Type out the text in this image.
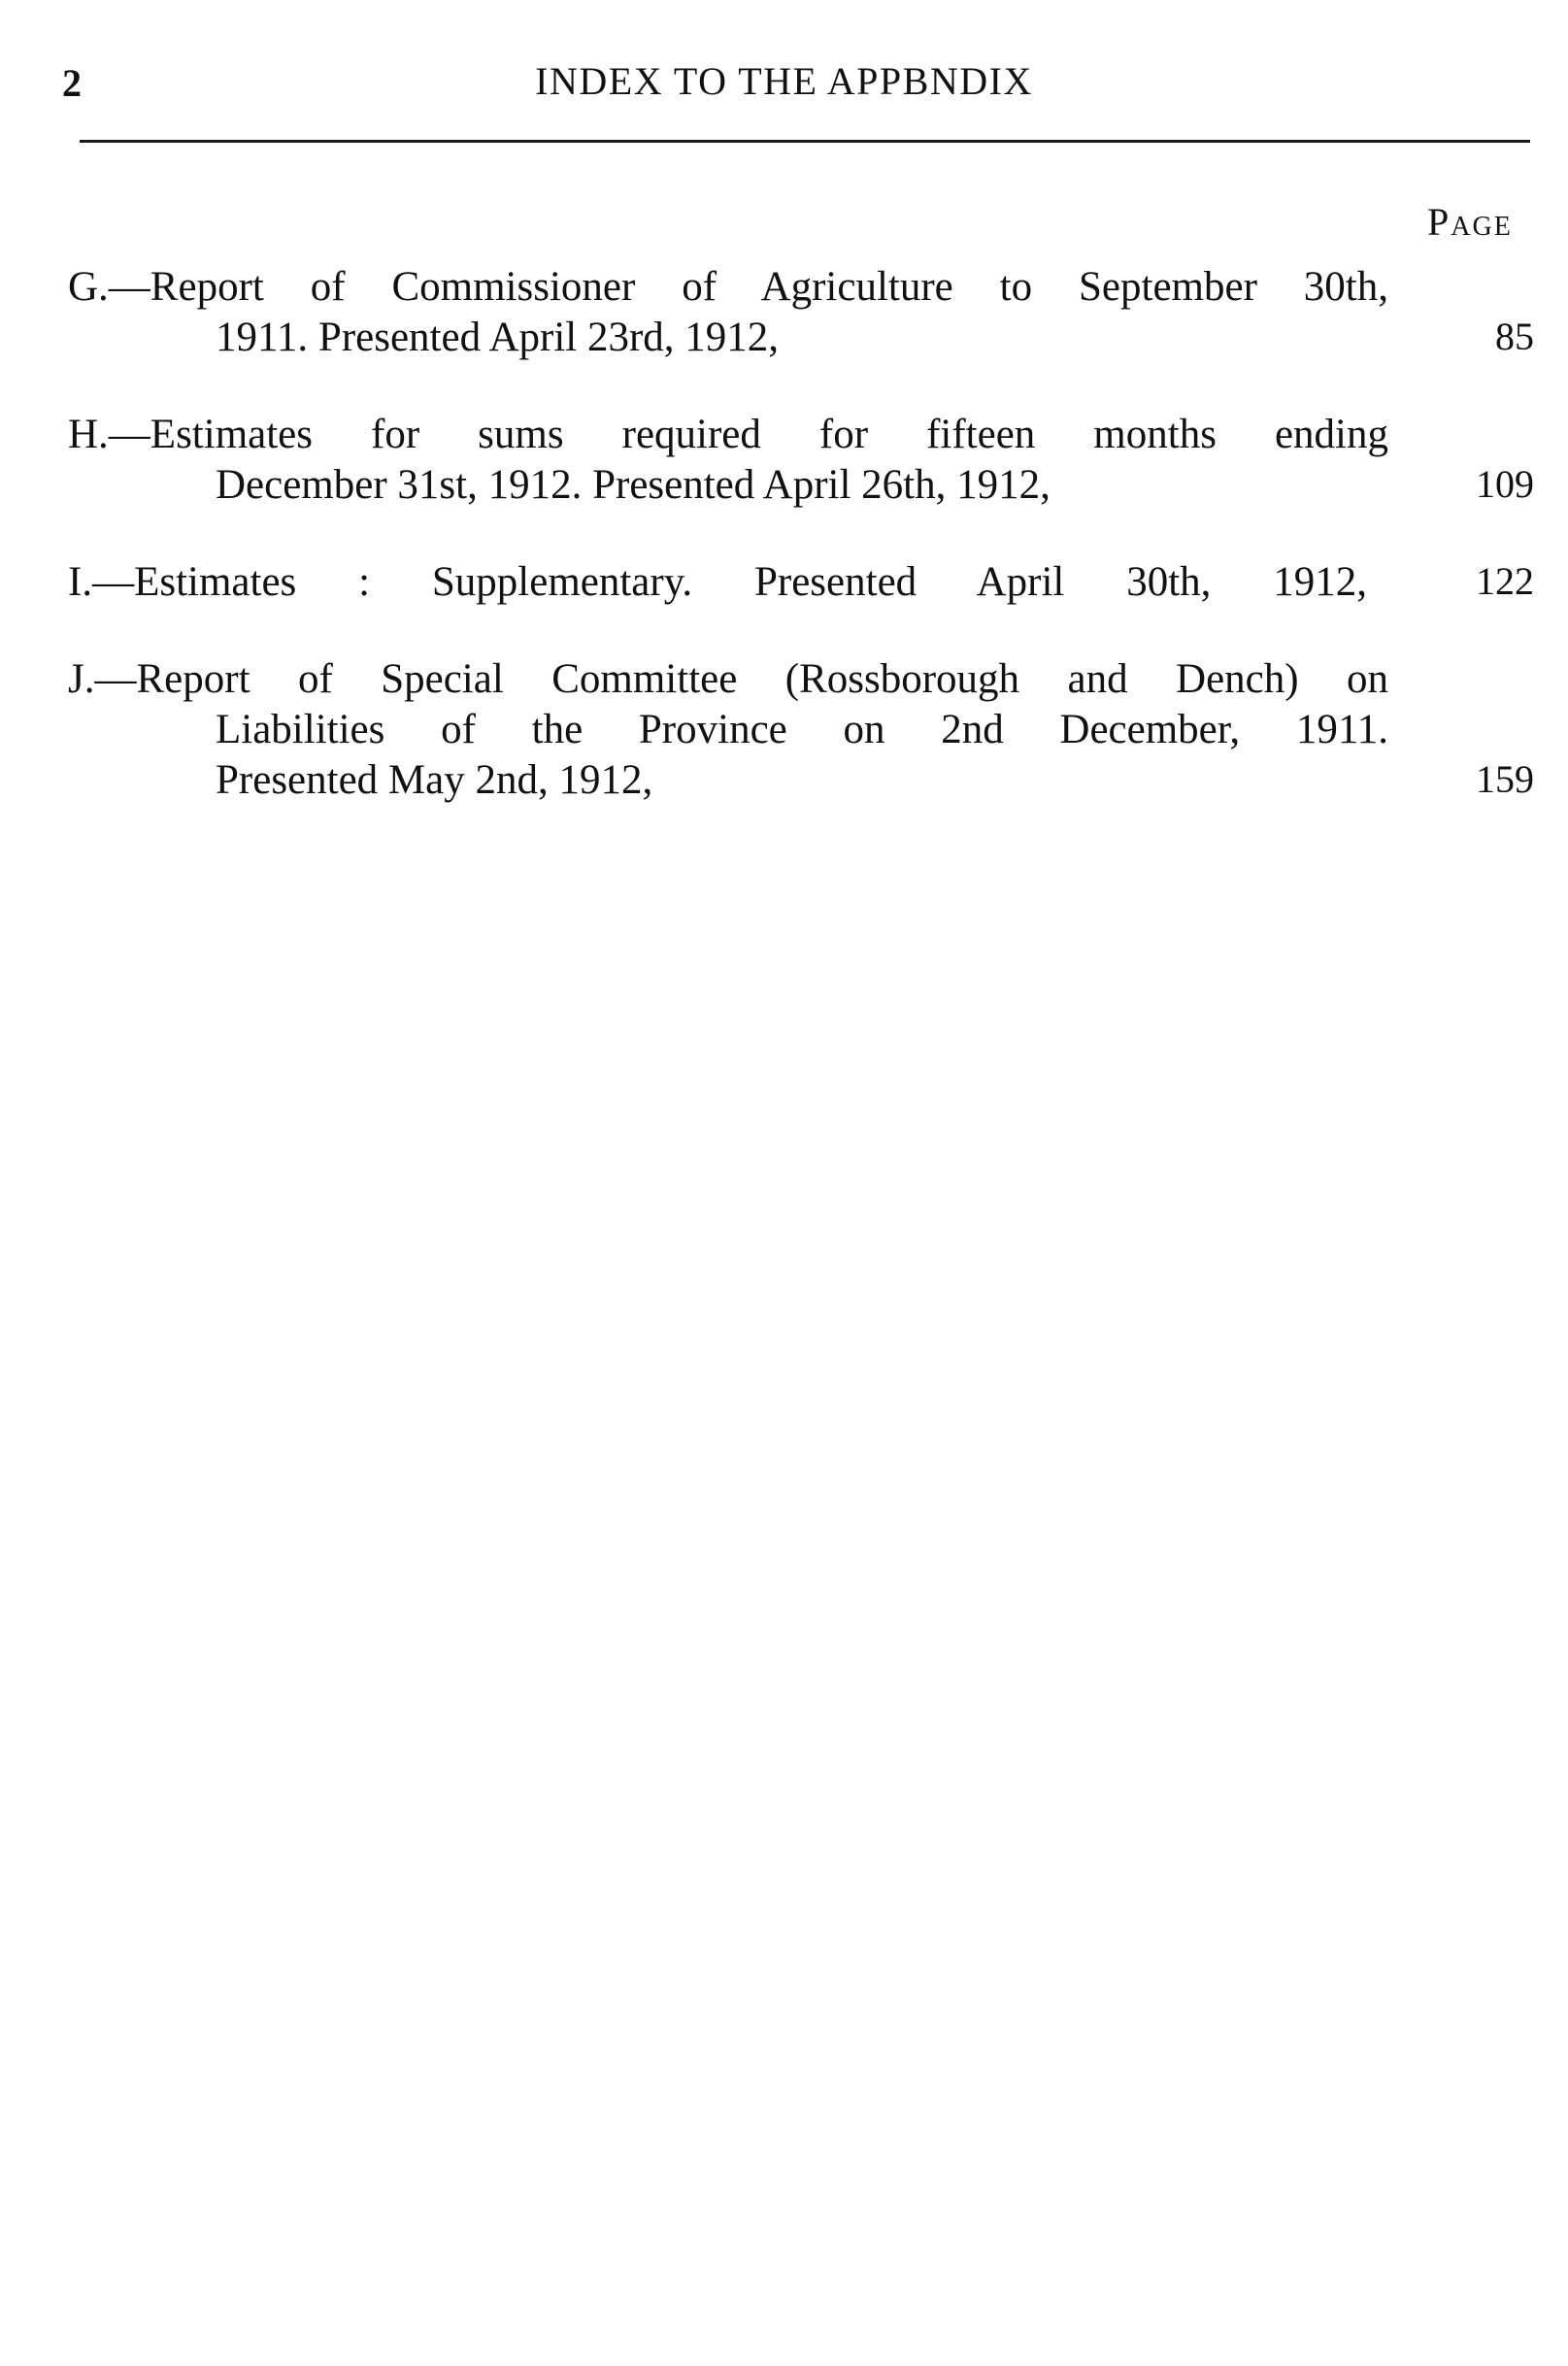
2	INDEX TO THE APPBNDIX
Page
G.—Report of Commissioner of Agriculture to September 30th,
1911. Presented April 23rd, 1912,	85
H.—Estimates for sums required for fifteen months ending
December 31st, 1912. Presented April 26th, 1912,	109
I.—Estimates : Supplementary. Presented April 30th, 1912,	122
J.—Report of Special Committee (Rossborough and Dench) on
Liabilities of the Province on 2nd December, 1911.
Presented May 2nd, 1912,	159
